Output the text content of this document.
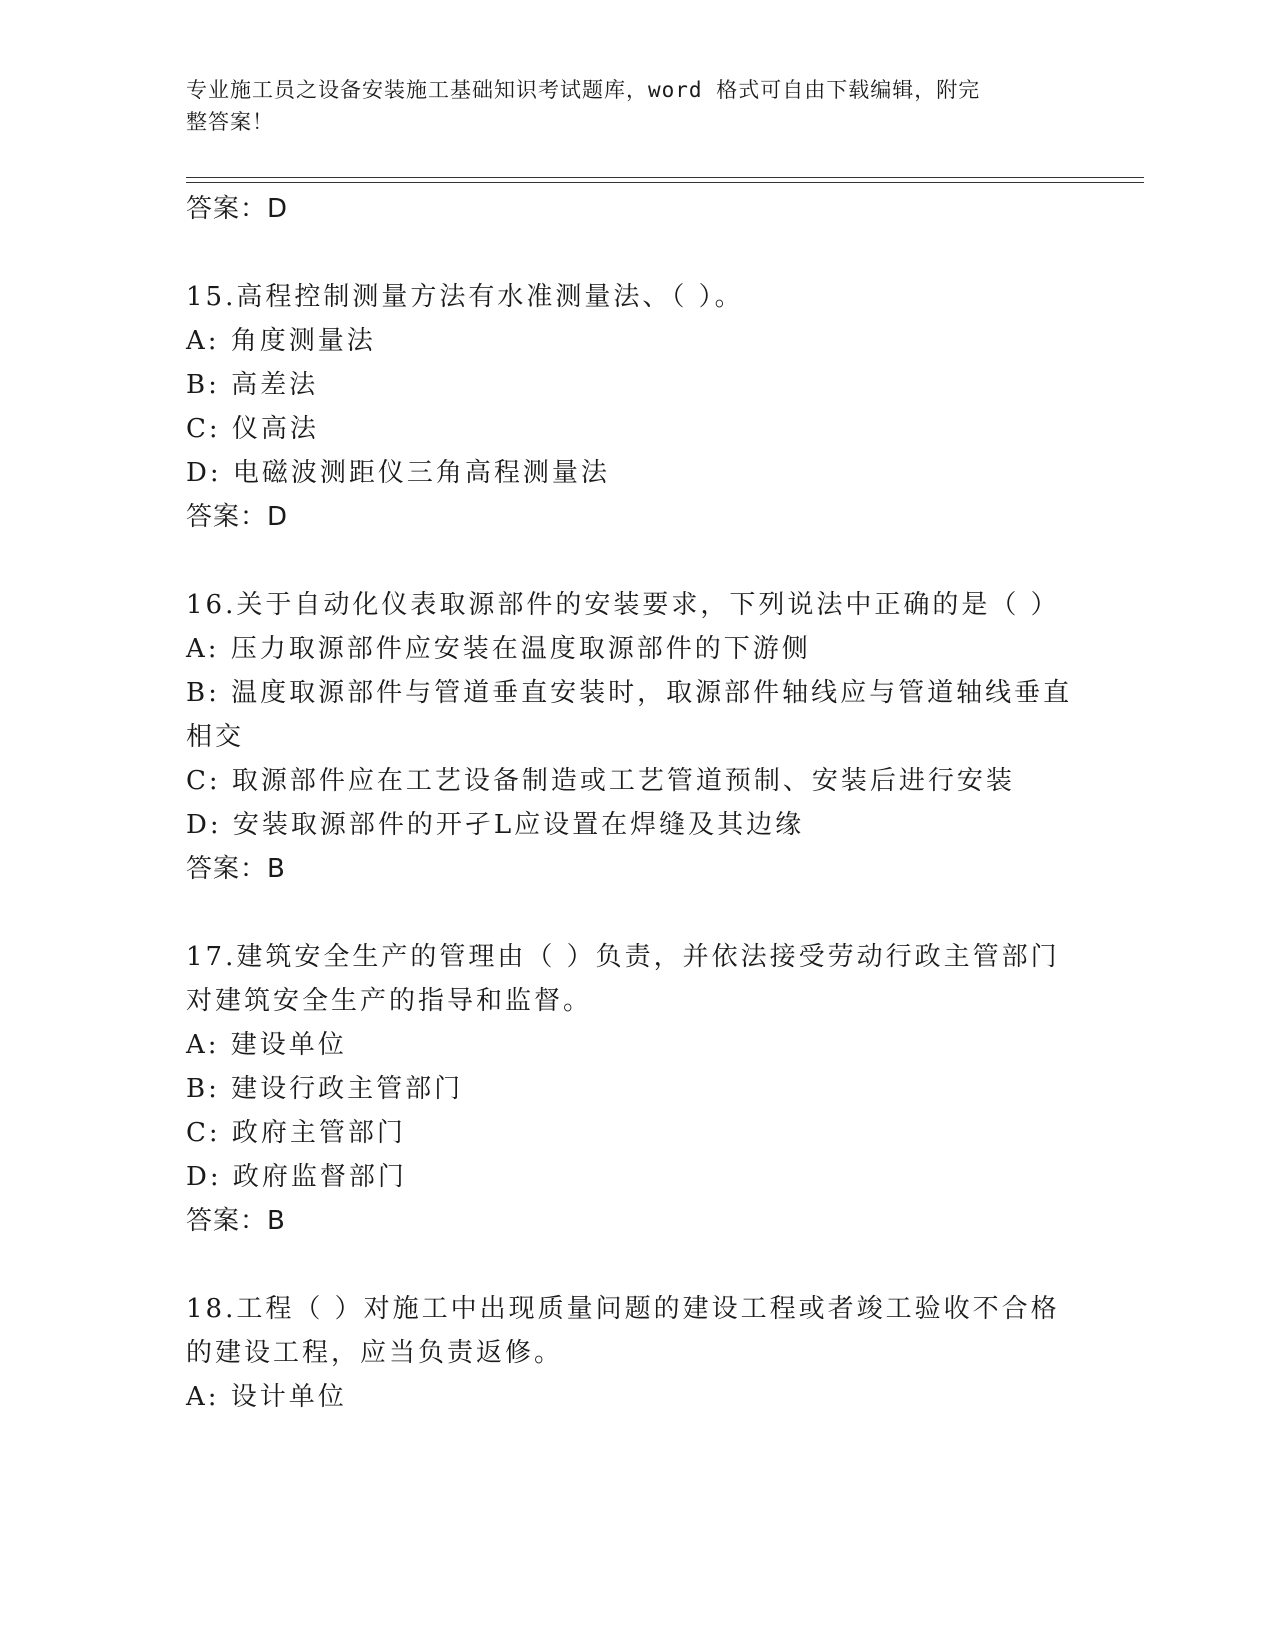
专业施工员之设备安装施工基础知识考试题库，word 格式可自由下载编辑，附完
整答案！
答案：D
15.高程控制测量方法有水准测量法、（ ）。
A: 角度测量法
B: 高差法
C: 仪高法
D: 电磁波测距仪三角高程测量法
答案：D
16.关于自动化仪表取源部件的安装要求，下列说法中正确的是（ ）
A: 压力取源部件应安装在温度取源部件的下游侧
B: 温度取源部件与管道垂直安装时，取源部件轴线应与管道轴线垂直
相交
C: 取源部件应在工艺设备制造或工艺管道预制、安装后进行安装
D: 安装取源部件的开孑L应设置在焊缝及其边缘
答案：B
17.建筑安全生产的管理由（ ）负责，并依法接受劳动行政主管部门
对建筑安全生产的指导和监督。
A: 建设单位
B: 建设行政主管部门
C: 政府主管部门
D: 政府监督部门
答案：B
18.工程（ ）对施工中出现质量问题的建设工程或者竣工验收不合格
的建设工程，应当负责返修。
A: 设计单位
